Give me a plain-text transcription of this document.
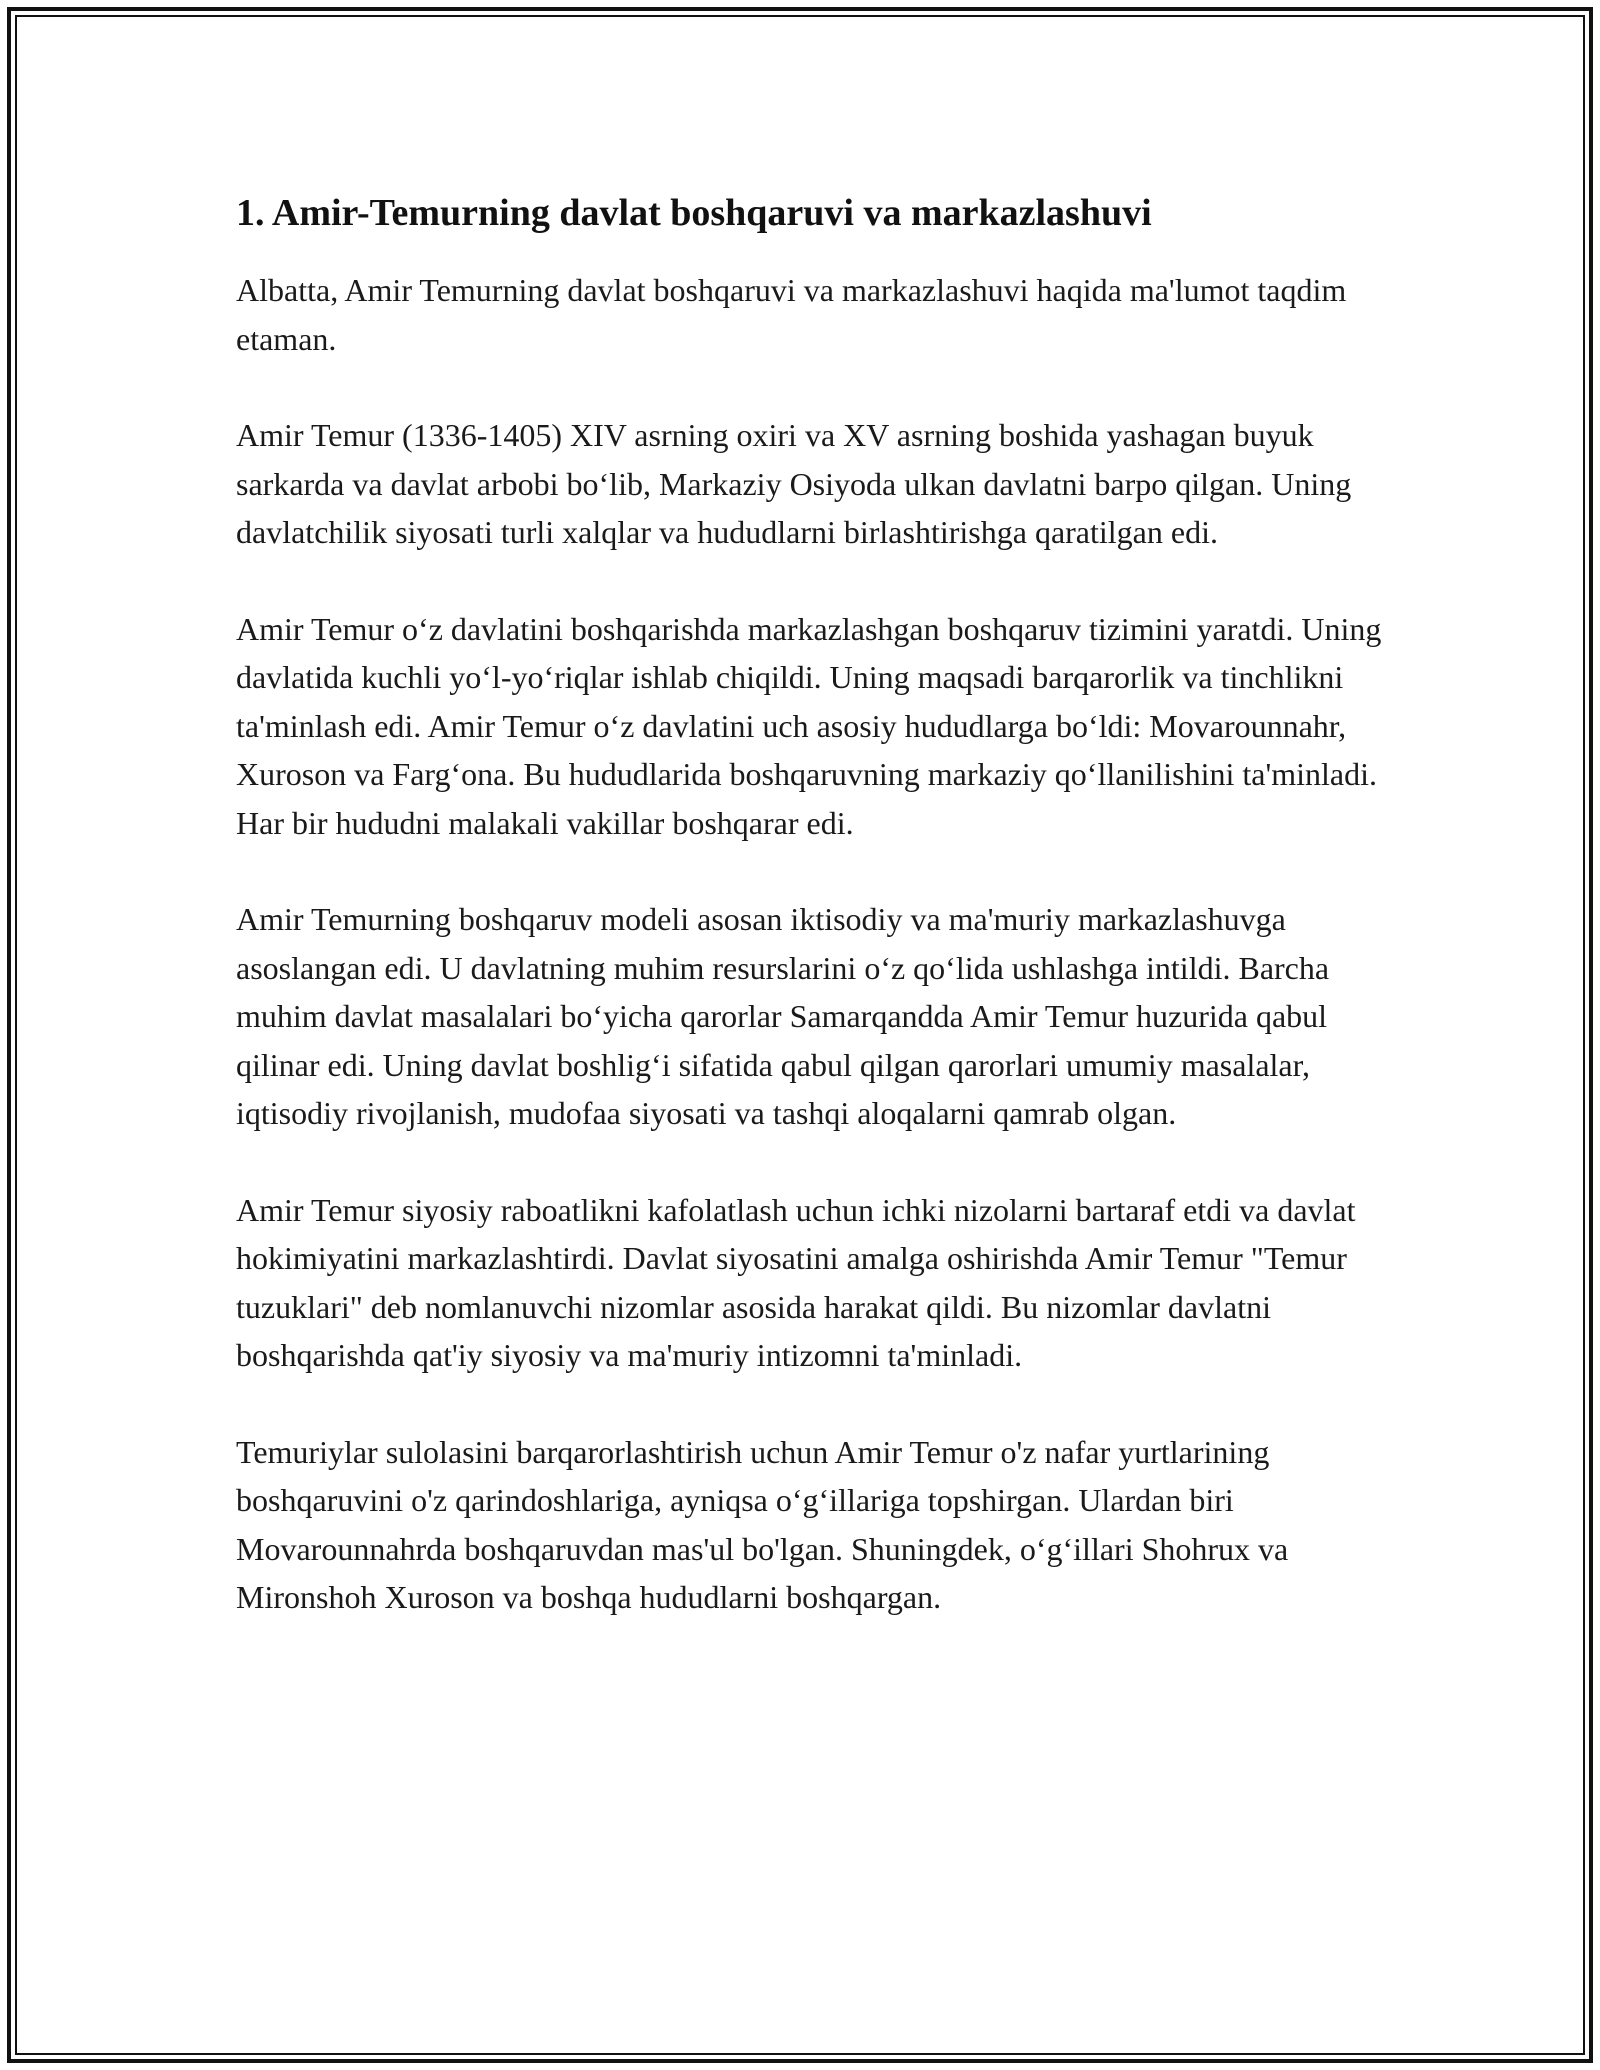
1. Amir-Temurning davlat boshqaruvi va markazlashuvi

Albatta, Amir Temurning davlat boshqaruvi va markazlashuvi haqida ma'lumot taqdim etaman.

Amir Temur (1336-1405) XIV asrning oxiri va XV asrning boshida yashagan buyuk sarkarda va davlat arbobi bo‘lib, Markaziy Osiyoda ulkan davlatni barpo qilgan. Uning davlatchilik siyosati turli xalqlar va hududlarni birlashtirishga qaratilgan edi.

Amir Temur o‘z davlatini boshqarishda markazlashgan boshqaruv tizimini yaratdi. Uning davlatida kuchli yo‘l-yo‘riqlar ishlab chiqildi. Uning maqsadi barqarorlik va tinchlikni ta'minlash edi. Amir Temur o‘z davlatini uch asosiy hududlarga bo‘ldi: Movarounnahr, Xuroson va Farg‘ona. Bu hududlarida boshqaruvning markaziy qo‘llanilishini ta'minladi. Har bir hududni malakali vakillar boshqarar edi.

Amir Temurning boshqaruv modeli asosan iktisodiy va ma'muriy markazlashuvga asoslangan edi. U davlatning muhim resurslarini o‘z qo‘lida ushlashga intildi. Barcha muhim davlat masalalari bo‘yicha qarorlar Samarqandda Amir Temur huzurida qabul qilinar edi. Uning davlat boshlig‘i sifatida qabul qilgan qarorlari umumiy masalalar, iqtisodiy rivojlanish, mudofaa siyosati va tashqi aloqalarni qamrab olgan.

Amir Temur siyosiy raboatlikni kafolatlash uchun ichki nizolarni bartaraf etdi va davlat hokimiyatini markazlashtirdi. Davlat siyosatini amalga oshirishda Amir Temur "Temur tuzuklari" deb nomlanuvchi nizomlar asosida harakat qildi. Bu nizomlar davlatni boshqarishda qat'iy siyosiy va ma'muriy intizomni ta'minladi.

Temuriylar sulolasini barqarorlashtirish uchun Amir Temur o'z nafar yurtlarining boshqaruvini o'z qarindoshlariga, ayniqsa o‘g‘illariga topshirgan. Ulardan biri Movarounnahrda boshqaruvdan mas'ul bo'lgan. Shuningdek, o‘g‘illari Shohrux va Mironshoh Xuroson va boshqa hududlarni boshqargan.
